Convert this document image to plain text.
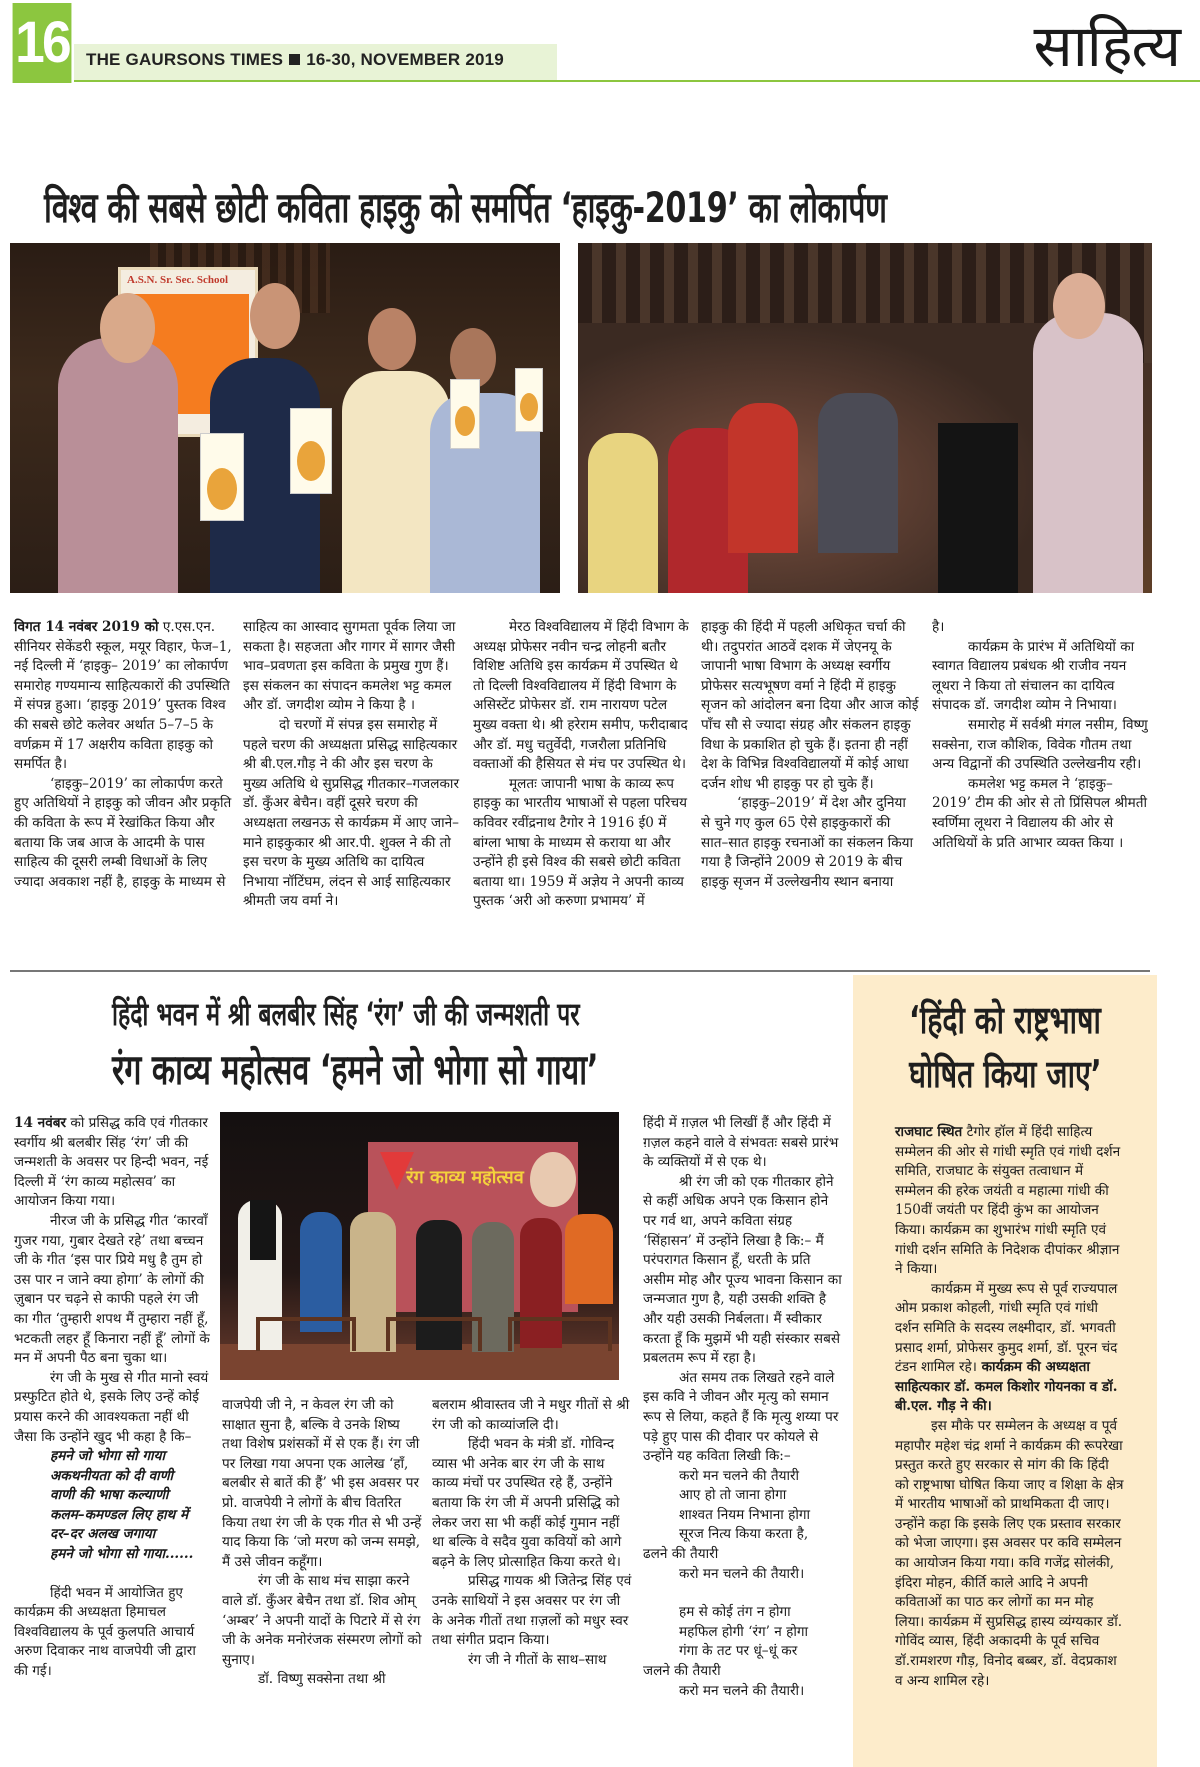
16 THE GAURSONS TIMES 16-30, NOVEMBER 2019	साहित्य
विश्व की सबसे छोटी कविता हाइकु को समर्पित ‘हाइकु-2019’ का लोकार्पण
A.S.N. Sr. Sec. School

विगत 14 नवंबर 2019 को ए.एस.एन. सीनियर सेकेंडरी स्कूल, मयूर विहार, फेज–1, नई दिल्ली में ‘हाइकु– 2019’ का लोकार्पण समारोह गण्यमान्य साहित्यकारों की उपस्थिति में संपन्न हुआ। ‘हाइकु 2019’ पुस्तक विश्व की सबसे छोटे कलेवर अर्थात 5–7–5 के वर्णक्रम में 17 अक्षरीय कविता हाइकु को समर्पित है।

‘हाइकु–2019’ का लोकार्पण करते हुए अतिथियों ने हाइकु को जीवन और प्रकृति की कविता के रूप में रेखांकित किया और बताया कि जब आज के आदमी के पास साहित्य की दूसरी लम्बी विधाओं के लिए ज्यादा अवकाश नहीं है, हाइकु के माध्यम से

साहित्य का आस्वाद सुगमता पूर्वक लिया जा सकता है। सहजता और गागर में सागर जैसी भाव–प्रवणता इस कविता के प्रमुख गुण हैं। इस संकलन का संपादन कमलेश भट्ट कमल और डॉ. जगदीश व्योम ने किया है ।

दो चरणों में संपन्न इस समारोह में पहले चरण की अध्यक्षता प्रसिद्ध साहित्यकार श्री बी.एल.गौड़ ने की और इस चरण के मुख्य अतिथि थे सुप्रसिद्ध गीतकार–गजलकार डॉ. कुँअर बेचैन। वहीं दूसरे चरण की अध्यक्षता लखनऊ से कार्यक्रम में आए जाने–माने हाइकुकार श्री आर.पी. शुक्ल ने की तो इस चरण के मुख्य अतिथि का दायित्व निभाया नॉटिंघम, लंदन से आई साहित्यकार श्रीमती जय वर्मा ने।

मेरठ विश्वविद्यालय में हिंदी विभाग के अध्यक्ष प्रोफेसर नवीन चन्द्र लोहनी बतौर विशिष्ट अतिथि इस कार्यक्रम में उपस्थित थे तो दिल्ली विश्वविद्यालय में हिंदी विभाग के असिस्टेंट प्रोफेसर डॉ. राम नारायण पटेल मुख्य वक्ता थे। श्री हरेराम समीप, फरीदाबाद और डॉ. मधु चतुर्वेदी, गजरौला प्रतिनिधि वक्ताओं की हैसियत से मंच पर उपस्थित थे।

मूलतः जापानी भाषा के काव्य रूप हाइकु का भारतीय भाषाओं से पहला परिचय कविवर रवींद्रनाथ टैगोर ने 1916 ई0 में बांग्ला भाषा के माध्यम से कराया था और उन्होंने ही इसे विश्व की सबसे छोटी कविता बताया था। 1959 में अज्ञेय ने अपनी काव्य पुस्तक ‘अरी ओ करुणा प्रभामय’ में

हाइकु की हिंदी में पहली अधिकृत चर्चा की थी। तदुपरांत आठवें दशक में जेएनयू के जापानी भाषा विभाग के अध्यक्ष स्वर्गीय प्रोफेसर सत्यभूषण वर्मा ने हिंदी में हाइकु सृजन को आंदोलन बना दिया और आज कोई पाँच सौ से ज्यादा संग्रह और संकलन हाइकु विधा के प्रकाशित हो चुके हैं। इतना ही नहीं देश के विभिन्न विश्वविद्यालयों में कोई आधा दर्जन शोध भी हाइकु पर हो चुके हैं।

‘हाइकु–2019’ में देश और दुनिया से चुने गए कुल 65 ऐसे हाइकुकारों की सात–सात हाइकु रचनाओं का संकलन किया गया है जिन्होंने 2009 से 2019 के बीच हाइकु सृजन में उल्लेखनीय स्थान बनाया

है।

कार्यक्रम के प्रारंभ में अतिथियों का स्वागत विद्यालय प्रबंधक श्री राजीव नयन लूथरा ने किया तो संचालन का दायित्व संपादक डॉ. जगदीश व्योम ने निभाया।

समारोह में सर्वश्री मंगल नसीम, विष्णु सक्सेना, राज कौशिक, विवेक गौतम तथा अन्य विद्वानों की उपस्थिति उल्लेखनीय रही।

कमलेश भट्ट कमल ने ‘हाइकु–2019’ टीम की ओर से तो प्रिंसिपल श्रीमती स्वर्णिमा लूथरा ने विद्यालय की ओर से अतिथियों के प्रति आभार व्यक्त किया ।

हिंदी भवन में श्री बलबीर सिंह ‘रंग’ जी की जन्मशती पर
रंग काव्य महोत्सव ‘हमने जो भोगा सो गाया’
रंग काव्य महोत्सव

14 नवंबर को प्रसिद्ध कवि एवं गीतकार स्वर्गीय श्री बलबीर सिंह ‘रंग’ जी की जन्मशती के अवसर पर हिन्दी भवन, नई दिल्ली में ‘रंग काव्य महोत्सव’ का आयोजन किया गया।

नीरज जी के प्रसिद्ध गीत ‘कारवाँ गुजर गया, गुबार देखते रहे’ तथा बच्चन जी के गीत ‘इस पार प्रिये मधु है तुम हो उस पार न जाने क्या होगा’ के लोगों की ज़ुबान पर चढ़ने से काफी पहले रंग जी का गीत ‘तुम्हारी शपथ मैं तुम्हारा नहीं हूँ, भटकती लहर हूँ किनारा नहीं हूँ’ लोगों के मन में अपनी पैठ बना चुका था।

रंग जी के मुख से गीत मानो स्वयं प्रस्फुटित होते थे, इसके लिए उन्हें कोई प्रयास करने की आवश्यकता नहीं थी जैसा कि उन्होंने खुद भी कहा है कि–

हमने जो भोगा सो गाया

अकथनीयता को दी वाणी

वाणी की भाषा कल्याणी

कलम–कमण्डल लिए हाथ में

दर–दर अलख जगाया

हमने जो भोगा सो गाया......

हिंदी भवन में आयोजित हुए कार्यक्रम की अध्यक्षता हिमाचल विश्वविद्यालय के पूर्व कुलपति आचार्य अरुण दिवाकर नाथ वाजपेयी जी द्वारा की गई।

वाजपेयी जी ने, न केवल रंग जी को साक्षात सुना है, बल्कि वे उनके शिष्य तथा विशेष प्रशंसकों में से एक हैं। रंग जी पर लिखा गया अपना एक आलेख ‘हाँ, बलबीर से बातें की हैं’ भी इस अवसर पर प्रो. वाजपेयी ने लोगों के बीच वितरित किया तथा रंग जी के एक गीत से भी उन्हें याद किया कि ‘जो मरण को जन्म समझे, मैं उसे जीवन कहूँगा।

रंग जी के साथ मंच साझा करने वाले डॉ. कुँअर बेचैन तथा डॉ. शिव ओम् ‘अम्बर’ ने अपनी यादों के पिटारे में से रंग जी के अनेक मनोरंजक संस्मरण लोगों को सुनाए।

डॉ. विष्णु सक्सेना तथा श्री

बलराम श्रीवास्तव जी ने मधुर गीतों से श्री रंग जी को काव्यांजलि दी।

हिंदी भवन के मंत्री डॉ. गोविन्द व्यास भी अनेक बार रंग जी के साथ काव्य मंचों पर उपस्थित रहे हैं, उन्होंने बताया कि रंग जी में अपनी प्रसिद्धि को लेकर जरा सा भी कहीं कोई गुमान नहीं था बल्कि वे सदैव युवा कवियों को आगे बढ़ने के लिए प्रोत्साहित किया करते थे।

प्रसिद्ध गायक श्री जितेन्द्र सिंह एवं उनके साथियों ने इस अवसर पर रंग जी के अनेक गीतों तथा ग़ज़लों को मधुर स्वर तथा संगीत प्रदान किया।

रंग जी ने गीतों के साथ–साथ

हिंदी में ग़ज़ल भी लिखीं हैं और हिंदी में ग़ज़ल कहने वाले वे संभवतः सबसे प्रारंभ के व्यक्तियों में से एक थे।

श्री रंग जी को एक गीतकार होने से कहीं अधिक अपने एक किसान होने पर गर्व था, अपने कविता संग्रह ‘सिंहासन’ में उन्होंने लिखा है कि:– मैं परंपरागत किसान हूँ, धरती के प्रति असीम मोह और पूज्य भावना किसान का जन्मजात गुण है, यही उसकी शक्ति है और यही उसकी निर्बलता। मैं स्वीकार करता हूँ कि मुझमें भी यही संस्कार सबसे प्रबलतम रूप में रहा है।

अंत समय तक लिखते रहने वाले इस कवि ने जीवन और मृत्यु को समान रूप से लिया, कहते हैं कि मृत्यु शय्या पर पड़े हुए पास की दीवार पर कोयले से उन्होंने यह कविता लिखी कि:–

करो मन चलने की तैयारी

आए हो तो जाना होगा

शाश्वत नियम निभाना होगा

सूरज नित्य किया करता है,

ढलने की तैयारी

करो मन चलने की तैयारी।

हम से कोई तंग न होगा

महफिल होगी ‘रंग’ न होगा

गंगा के तट पर धूं–धूं कर

जलने की तैयारी

करो मन चलने की तैयारी।

‘हिंदी को राष्ट्रभाषा
घोषित किया जाए’

राजघाट स्थित टैगोर हॉल में हिंदी साहित्य सम्मेलन की ओर से गांधी स्मृति एवं गांधी दर्शन समिति, राजघाट के संयुक्त तत्वाधान में सम्मेलन की हरेक जयंती व महात्मा गांधी की 150वीं जयंती पर हिंदी कुंभ का आयोजन किया। कार्यक्रम का शुभारंभ गांधी स्मृति एवं गांधी दर्शन समिति के निदेशक दीपांकर श्रीज्ञान ने किया।

कार्यक्रम में मुख्य रूप से पूर्व राज्यपाल ओम प्रकाश कोहली, गांधी स्मृति एवं गांधी दर्शन समिति के सदस्य लक्ष्मीदार, डॉ. भगवती प्रसाद शर्मा, प्रोफेसर कुमुद शर्मा, डॉ. पूरन चंद टंडन शामिल रहे। कार्यक्रम की अध्यक्षता साहित्यकार डॉ. कमल किशोर गोयनका व डॉ. बी.एल. गौड़ ने की।

इस मौके पर सम्मेलन के अध्यक्ष व पूर्व महापौर महेश चंद्र शर्मा ने कार्यक्रम की रूपरेखा प्रस्तुत करते हुए सरकार से मांग की कि हिंदी को राष्ट्रभाषा घोषित किया जाए व शिक्षा के क्षेत्र में भारतीय भाषाओं को प्राथमिकता दी जाए। उन्होंने कहा कि इसके लिए एक प्रस्ताव सरकार को भेजा जाएगा। इस अवसर पर कवि सम्मेलन का आयोजन किया गया। कवि गजेंद्र सोलंकी, इंदिरा मोहन, कीर्ति काले आदि ने अपनी कविताओं का पाठ कर लोगों का मन मोह लिया। कार्यक्रम में सुप्रसिद्ध हास्य व्यंग्यकार डॉ. गोविंद व्यास, हिंदी अकादमी के पूर्व सचिव डॉ.रामशरण गौड़, विनोद बब्बर, डॉ. वेदप्रकाश व अन्य शामिल रहे।
